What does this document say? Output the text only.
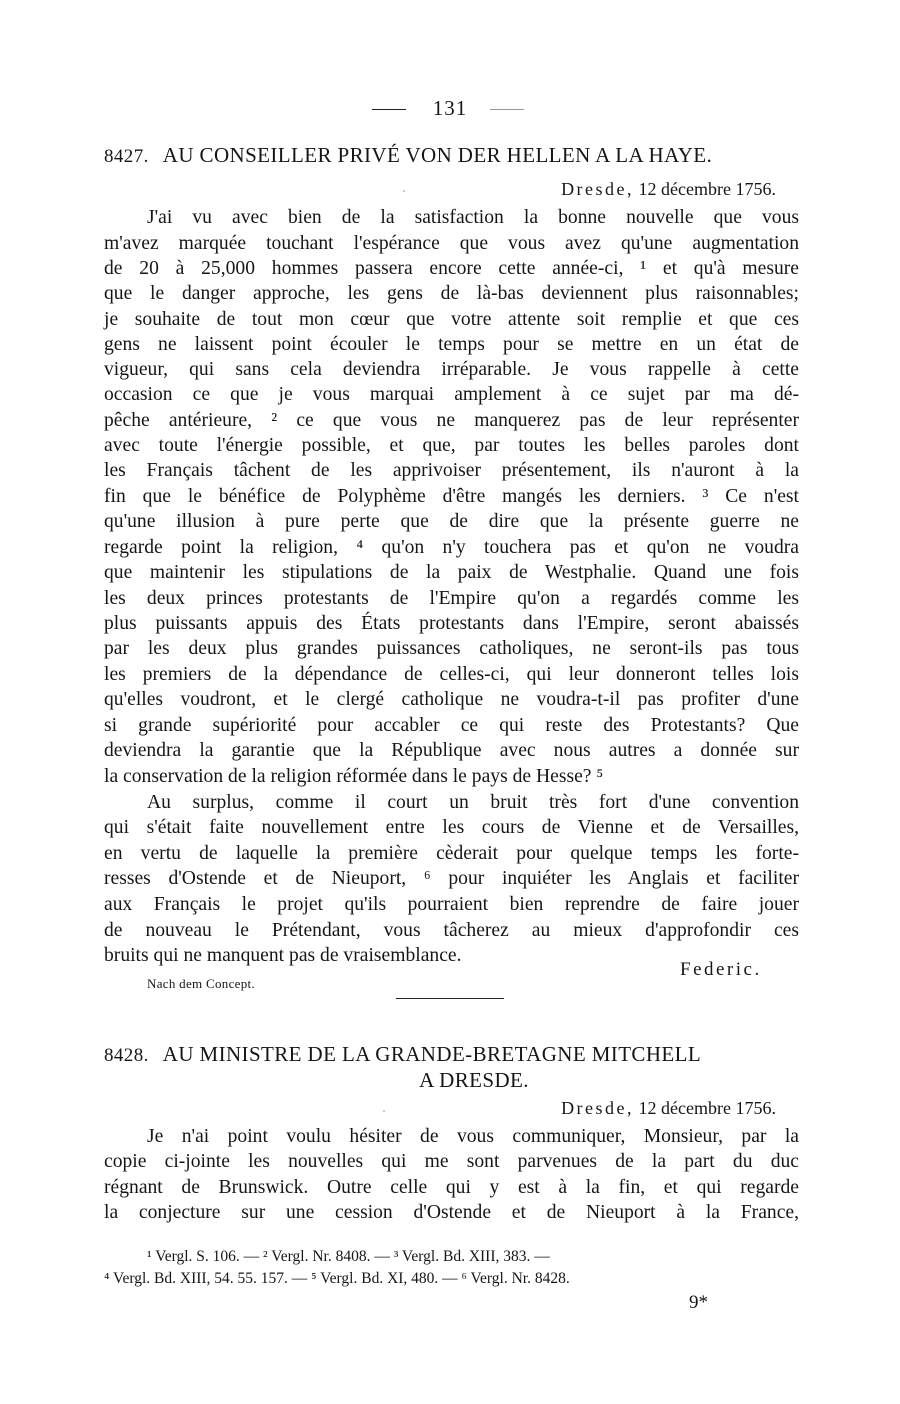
131
8427. AU CONSEILLER PRIVÉ VON DER HELLEN A LA HAYE.
Dresde, 12 décembre 1756.
J'ai vu avec bien de la satisfaction la bonne nouvelle que vous
m'avez marquée touchant l'espérance que vous avez qu'une augmentation
de 20 à 25,000 hommes passera encore cette année-ci, ¹ et qu'à mesure
que le danger approche, les gens de là-bas deviennent plus raisonnables;
je souhaite de tout mon cœur que votre attente soit remplie et que ces
gens ne laissent point écouler le temps pour se mettre en un état de
vigueur, qui sans cela deviendra irréparable. Je vous rappelle à cette
occasion ce que je vous marquai amplement à ce sujet par ma dé-
pêche antérieure, ² ce que vous ne manquerez pas de leur représenter
avec toute l'énergie possible, et que, par toutes les belles paroles dont
les Français tâchent de les apprivoiser présentement, ils n'auront à la
fin que le bénéfice de Polyphème d'être mangés les derniers. ³ Ce n'est
qu'une illusion à pure perte que de dire que la présente guerre ne
regarde point la religion, ⁴ qu'on n'y touchera pas et qu'on ne voudra
que maintenir les stipulations de la paix de Westphalie. Quand une fois
les deux princes protestants de l'Empire qu'on a regardés comme les
plus puissants appuis des États protestants dans l'Empire, seront abaissés
par les deux plus grandes puissances catholiques, ne seront-ils pas tous
les premiers de la dépendance de celles-ci, qui leur donneront telles lois
qu'elles voudront, et le clergé catholique ne voudra-t-il pas profiter d'une
si grande supériorité pour accabler ce qui reste des Protestants? Que
deviendra la garantie que la République avec nous autres a donnée sur
la conservation de la religion réformée dans le pays de Hesse? ⁵
Au surplus, comme il court un bruit très fort d'une convention
qui s'était faite nouvellement entre les cours de Vienne et de Versailles,
en vertu de laquelle la première cèderait pour quelque temps les forte-
resses d'Ostende et de Nieuport, ⁶ pour inquiéter les Anglais et faciliter
aux Français le projet qu'ils pourraient bien reprendre de faire jouer
de nouveau le Prétendant, vous tâcherez au mieux d'approfondir ces
bruits qui ne manquent pas de vraisemblance.
Federic.
Nach dem Concept.
8428. AU MINISTRE DE LA GRANDE-BRETAGNE MITCHELL
A DRESDE.
Dresde, 12 décembre 1756.
Je n'ai point voulu hésiter de vous communiquer, Monsieur, par la
copie ci-jointe les nouvelles qui me sont parvenues de la part du duc
régnant de Brunswick. Outre celle qui y est à la fin, et qui regarde
la conjecture sur une cession d'Ostende et de Nieuport à la France,
¹ Vergl. S. 106. — ² Vergl. Nr. 8408. — ³ Vergl. Bd. XIII, 383. —
⁴ Vergl. Bd. XIII, 54. 55. 157. — ⁵ Vergl. Bd. XI, 480. — ⁶ Vergl. Nr. 8428.
9*
